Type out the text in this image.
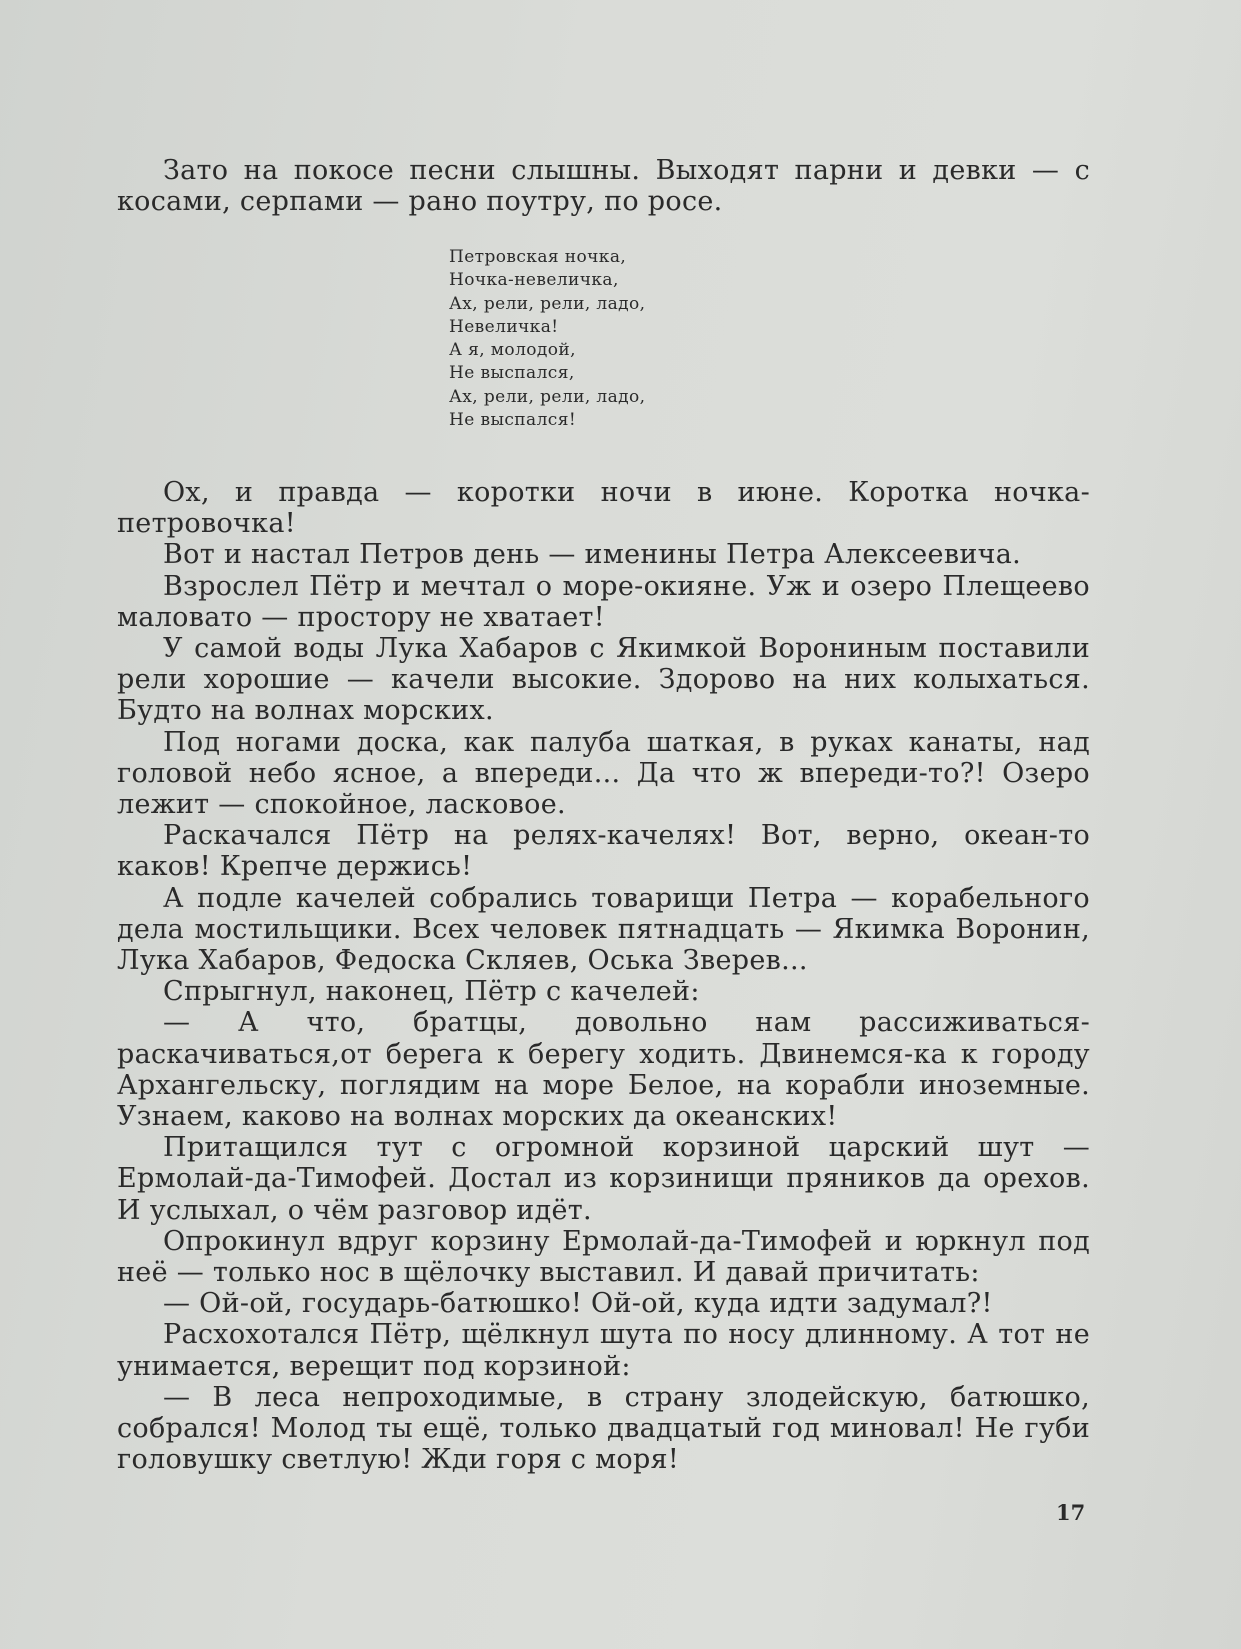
Зато на покосе песни слышны. Выходят парни и девки — с косами, серпами — рано поутру, по росе.

Петровская ночка,
Ночка-невеличка,
Ах, рели, рели, ладо,
Невеличка!
А я, молодой,
Не выспался,
Ах, рели, рели, ладо,
Не выспался!

Ох, и правда — коротки ночи в июне. Коротка ночка-петровочка!

Вот и настал Петров день — именины Петра Алексеевича.

Взрослел Пётр и мечтал о море-окияне. Уж и озеро Плещеево маловато — простору не хватает!

У самой воды Лука Хабаров с Якимкой Ворониным поставили рели хорошие — качели высокие. Здорово на них колыхаться. Будто на волнах морских.

Под ногами доска, как палуба шаткая, в руках канаты, над головой небо ясное, а впереди... Да что ж впереди-то?! Озеро лежит — спокойное, ласковое.

Раскачался Пётр на релях-качелях! Вот, верно, океан-то каков! Крепче держись!

А подле качелей собрались товарищи Петра — корабельного дела мостильщики. Всех человек пятнадцать — Якимка Воронин, Лука Хабаров, Федоска Скляев, Оська Зверев...

Спрыгнул, наконец, Пётр с качелей:

— А что, братцы, довольно нам рассиживаться-раскачиваться,от берега к берегу ходить. Двинемся-ка к городу Архангельску, поглядим на море Белое, на корабли иноземные. Узнаем, каково на волнах морских да океанских!

Притащился тут с огромной корзиной царский шут — Ермолай-да-Тимофей. Достал из корзинищи пряников да орехов. И услыхал, о чём разговор идёт.

Опрокинул вдруг корзину Ермолай-да-Тимофей и юркнул под неё — только нос в щёлочку выставил. И давай причитать:

— Ой-ой, государь-батюшко! Ой-ой, куда идти задумал?!

Расхохотался Пётр, щёлкнул шута по носу длинному. А тот не унимается, верещит под корзиной:

— В леса непроходимые, в страну злодейскую, батюшко, собрался! Молод ты ещё, только двадцатый год миновал! Не губи головушку светлую! Жди горя с моря!

17
